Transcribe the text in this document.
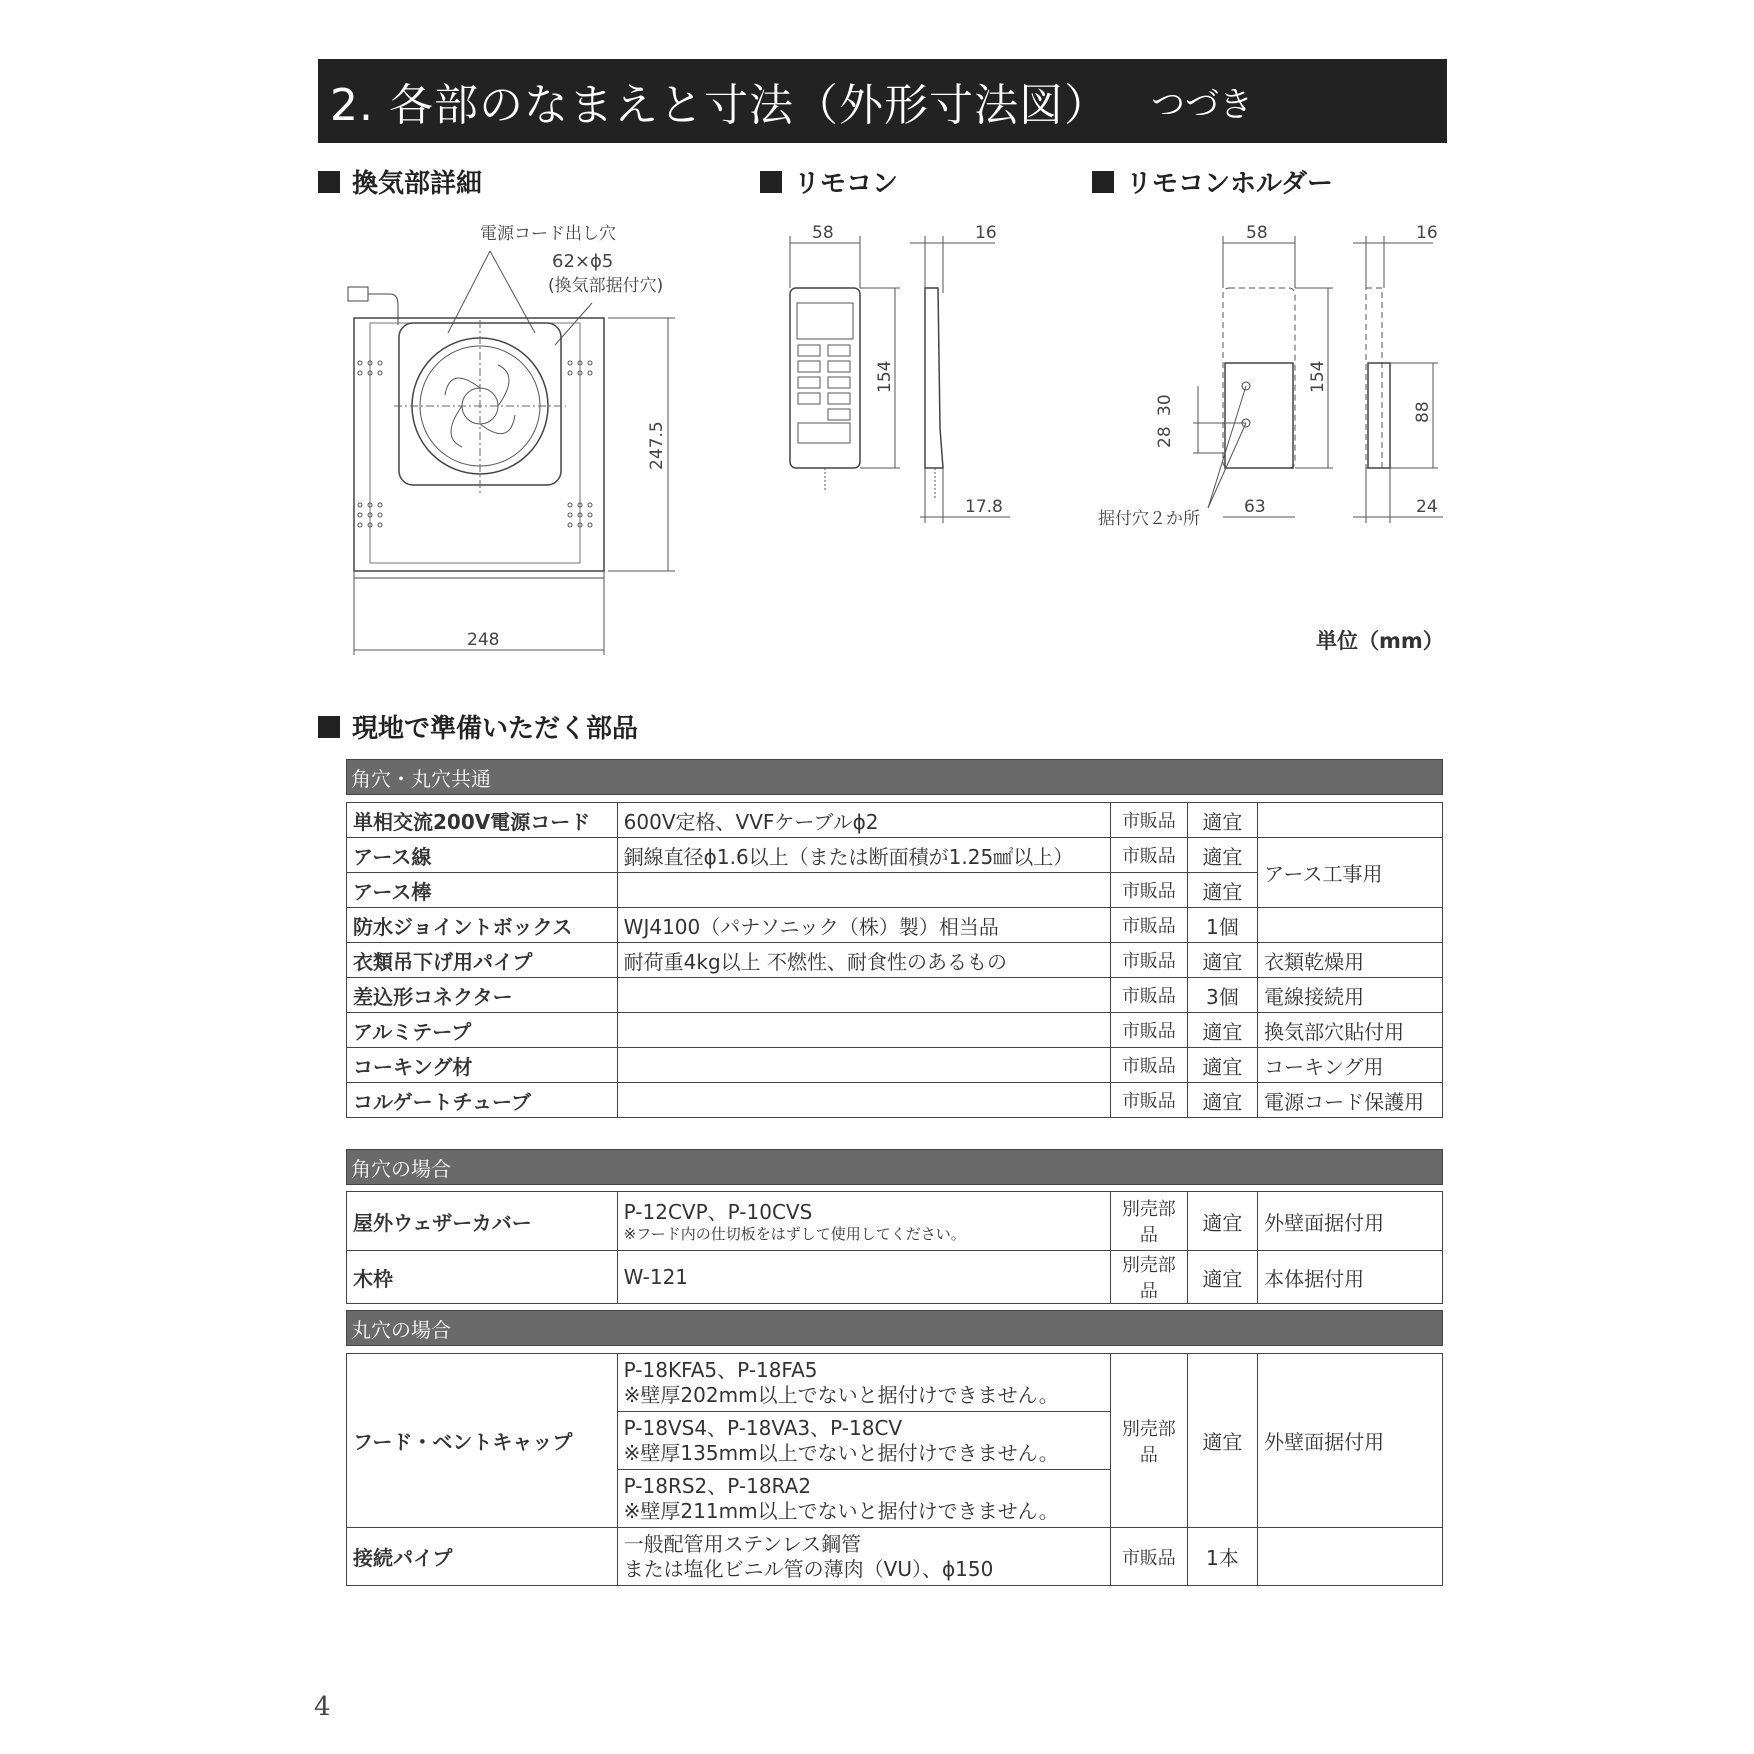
2. 各部のなまえと寸法（外形寸法図） つづき
換気部詳細	リモコン	リモコンホルダー
電源コード出し穴
62×ϕ5
(換気部据付穴)
248
247.5
58
154
16
17.8
58
28
30
154
63
据付穴２か所
16
88
24
単位（mm）
現地で準備いただく部品
角穴・丸穴共通
単相交流200V電源コード	600V定格、VVFケーブルϕ2	市販品	適宜	
アース線	銅線直径ϕ1.6以上（または断面積が1.25㎟以上）	市販品	適宜	アース工事用
アース棒		市販品	適宜	
防水ジョイントボックス	WJ4100（パナソニック（株）製）相当品	市販品	1個	
衣類吊下げ用パイプ	耐荷重4kg以上 不燃性、耐食性のあるもの	市販品	適宜	衣類乾燥用
差込形コネクター		市販品	3個	電線接続用
アルミテープ		市販品	適宜	換気部穴貼付用
コーキング材		市販品	適宜	コーキング用
コルゲートチューブ		市販品	適宜	電源コード保護用
角穴の場合
屋外ウェザーカバー	P-12CVP、P-10CVS
※フード内の仕切板をはずして使用してください。	別売部品	適宜	外壁面据付用
木枠	W-121	別売部品	適宜	本体据付用
丸穴の場合
フード・ベントキャップ	P-18KFA5、P-18FA5
※壁厚202mm以上でないと据付けできません。	別売部品	適宜	外壁面据付用

	P-18VS4、P-18VA3、P-18CV
※壁厚135mm以上でないと据付けできません。			

	P-18RS2、P-18RA2
※壁厚211mm以上でないと据付けできません。			

接続パイプ	一般配管用ステンレス鋼管
または塩化ビニル管の薄肉（VU）、ϕ150	市販品	1本	
4
